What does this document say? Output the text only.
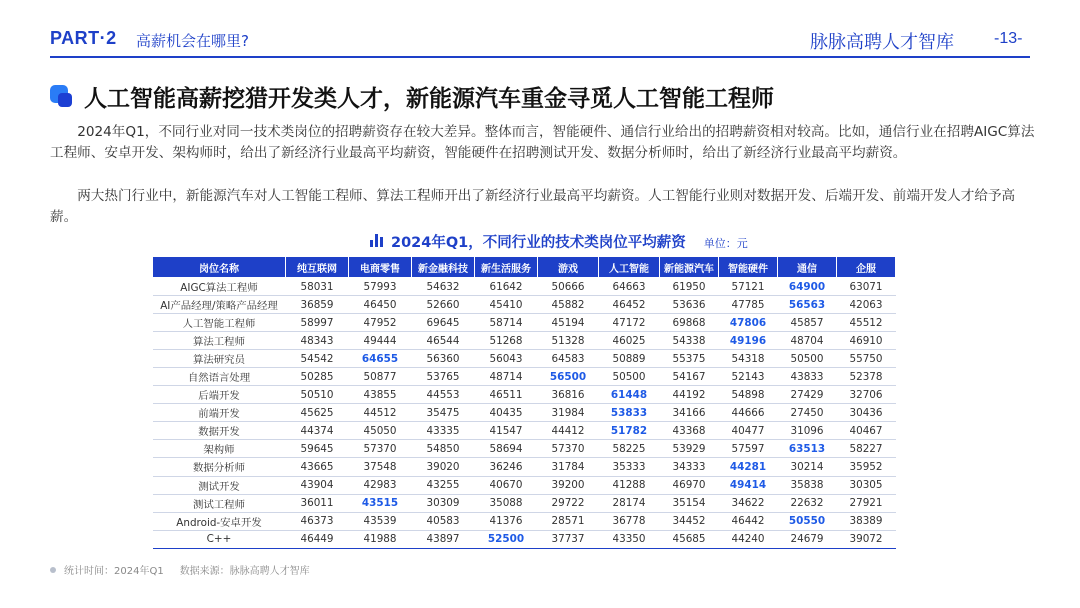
PART·2 高薪机会在哪里?	脉脉高聘人才智库	-13-
人工智能高薪挖猎开发类人才，新能源汽车重金寻觅人工智能工程师
2024年Q1，不同行业对同一技术类岗位的招聘薪资存在较大差异。整体而言，智能硬件、通信行业给出的招聘薪资相对较高。比如，通信行业在招聘AIGC算法工程师、安卓开发、架构师时，给出了新经济行业最高平均薪资，智能硬件在招聘测试开发、数据分析师时，给出了新经济行业最高平均薪资。
两大热门行业中，新能源汽车对人工智能工程师、算法工程师开出了新经济行业最高平均薪资。人工智能行业则对数据开发、后端开发、前端开发人才给予高薪。
2024年Q1，不同行业的技术类岗位平均薪资 单位：元
岗位名称	纯互联网	电商零售	新金融科技	新生活服务	游戏	人工智能	新能源汽车	智能硬件	通信	企服
AIGC算法工程师	58031	57993	54632	61642	50666	64663	61950	57121	64900	63071
AI产品经理/策略产品经理	36859	46450	52660	45410	45882	46452	53636	47785	56563	42063
人工智能工程师	58997	47952	69645	58714	45194	47172	69868	47806	45857	45512
算法工程师	48343	49444	46544	51268	51328	46025	54338	49196	48704	46910
算法研究员	54542	64655	56360	56043	64583	50889	55375	54318	50500	55750
自然语言处理	50285	50877	53765	48714	56500	50500	54167	52143	43833	52378
后端开发	50510	43855	44553	46511	36816	61448	44192	54898	27429	32706
前端开发	45625	44512	35475	40435	31984	53833	34166	44666	27450	30436
数据开发	44374	45050	43335	41547	44412	51782	43368	40477	31096	40467
架构师	59645	57370	54850	58694	57370	58225	53929	57597	63513	58227
数据分析师	43665	37548	39020	36246	31784	35333	34333	44281	30214	35952
测试开发	43904	42983	43255	40670	39200	41288	46970	49414	35838	30305
测试工程师	36011	43515	30309	35088	29722	28174	35154	34622	22632	27921
Android-安卓开发	46373	43539	40583	41376	28571	36778	34452	46442	50550	38389
C++	46449	41988	43897	52500	37737	43350	45685	44240	24679	39072
统计时间：2024年Q1 数据来源：脉脉高聘人才智库
